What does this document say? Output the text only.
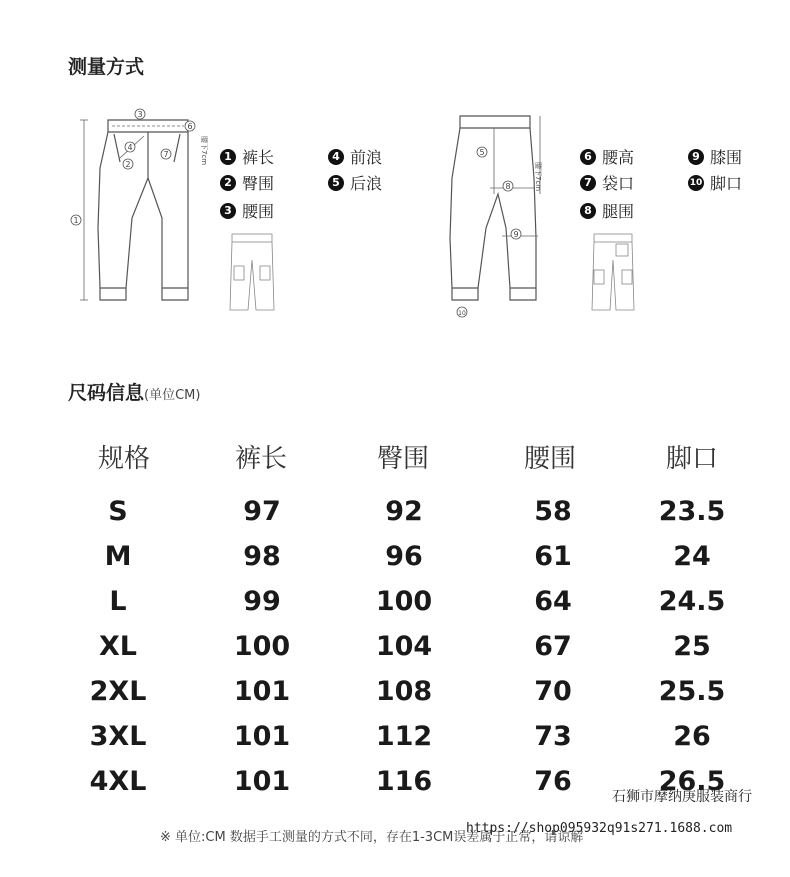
测量方式
3
6
4
2
7
1
腰下7cm	5
8
9
10
腰下7cm
1 裤长
2 臀围
3 腰围
4 前浪
5 后浪
6 腰高
7 袋口
8 腿围
9 膝围
10 脚口
尺码信息(单位CM)
规格	裤长	臀围	腰围	脚口
S	97	92	58	23.5
M	98	96	61	24
L	99	100	64	24.5
XL	100	104	67	25
2XL	101	108	70	25.5
3XL	101	112	73	26
4XL	101	116	76	26.5
石狮市摩纳庚服装商行
※ 单位:CM 数据手工测量的方式不同，存在1-3CM误差属于正常，请谅解
https://shop095932q91s271.1688.com
